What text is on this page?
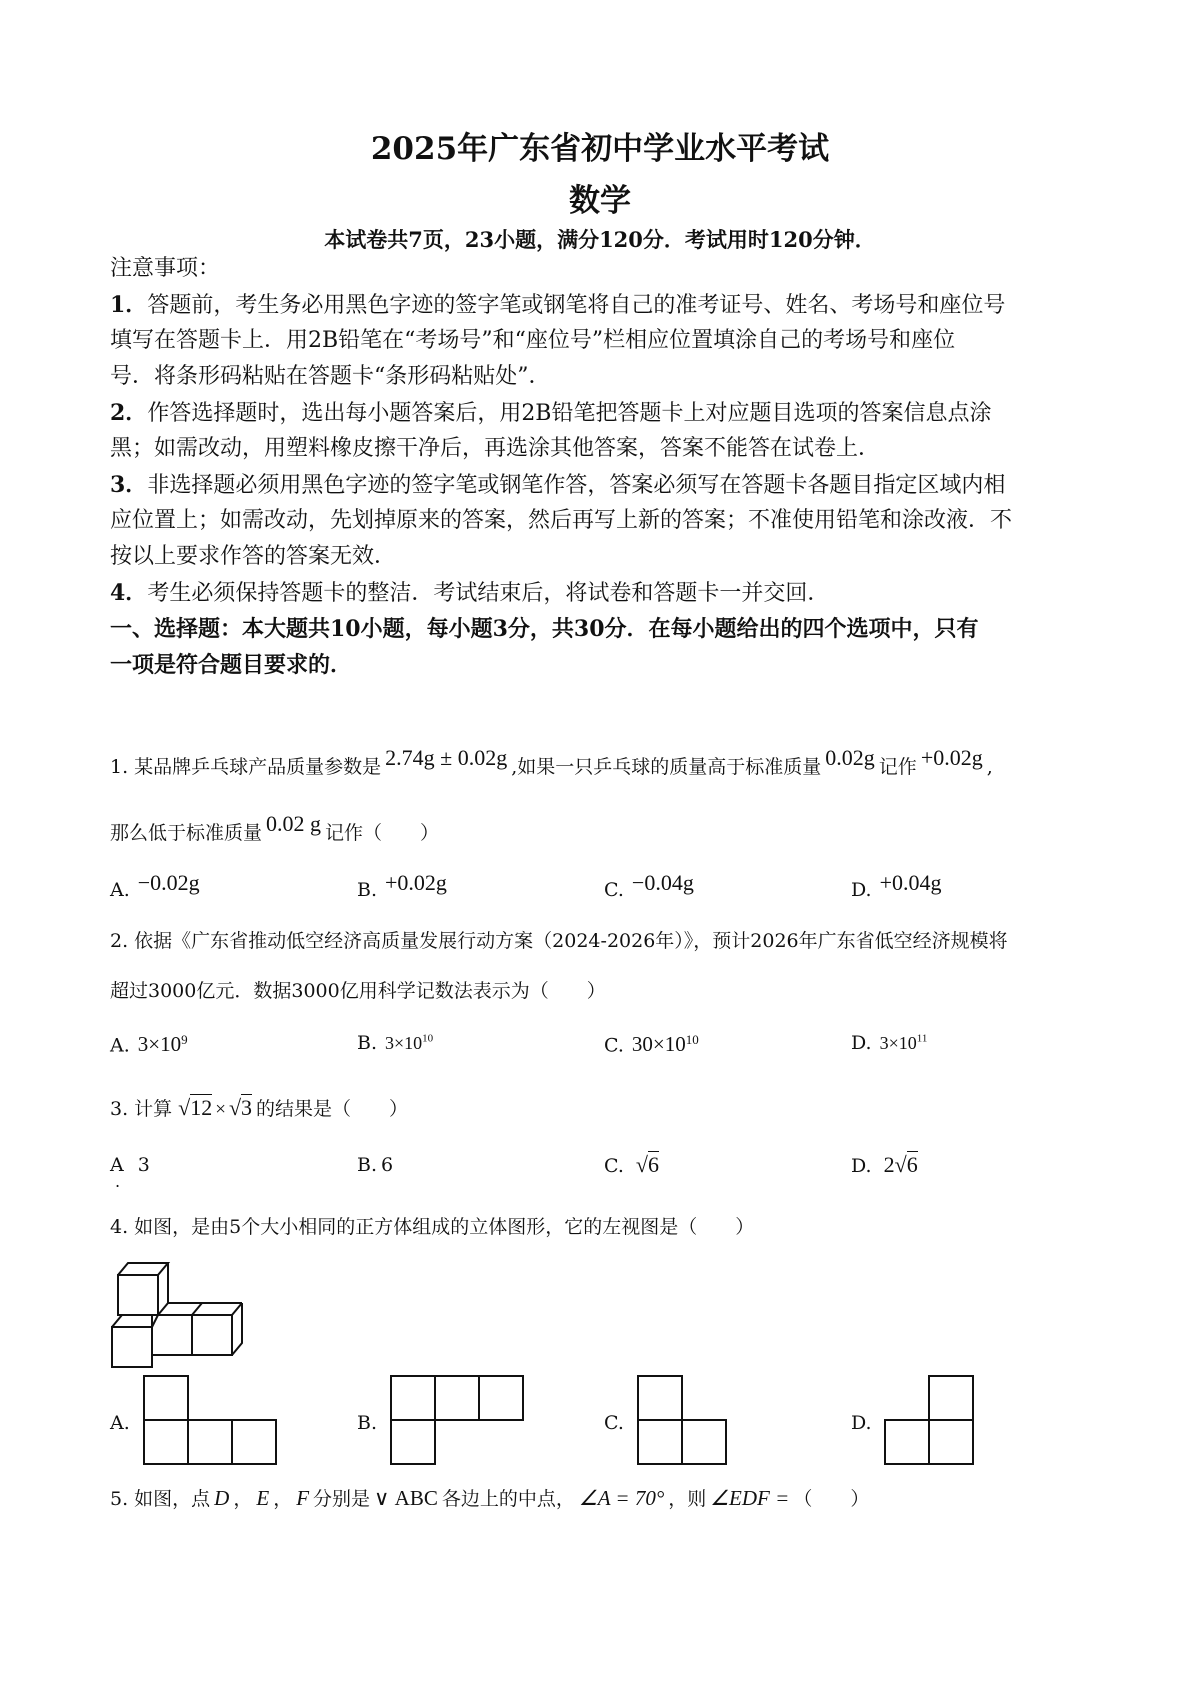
2025年广东省初中学业水平考试
数学
本试卷共7页，23小题，满分120分．考试用时120分钟．
注意事项：
1．答题前，考生务必用黑色字迹的签字笔或钢笔将自己的准考证号、姓名、考场号和座位号
填写在答题卡上．用2B铅笔在“考场号”和“座位号”栏相应位置填涂自己的考场号和座位
号．将条形码粘贴在答题卡“条形码粘贴处”．
2．作答选择题时，选出每小题答案后，用2B铅笔把答题卡上对应题目选项的答案信息点涂
黑；如需改动，用塑料橡皮擦干净后，再选涂其他答案，答案不能答在试卷上．
3．非选择题必须用黑色字迹的签字笔或钢笔作答，答案必须写在答题卡各题目指定区域内相
应位置上；如需改动，先划掉原来的答案，然后再写上新的答案；不准使用铅笔和涂改液．不
按以上要求作答的答案无效．
4．考生必须保持答题卡的整洁．考试结束后，将试卷和答题卡一并交回．
一、选择题：本大题共10小题，每小题3分，共30分．在每小题给出的四个选项中，只有
一项是符合题目要求的．
1. 某品牌乒乓球产品质量参数是 2.74g ± 0.02g ,如果一只乒乓球的质量高于标准质量 0.02g 记作 +0.02g ,
那么低于标准质量 0.02 g 记作（　　）
A. −0.02g	B. +0.02g	C. −0.04g	D. +0.04g
2. 依据《广东省推动低空经济高质量发展行动方案（2024-2026年）》，预计2026年广东省低空经济规模将
超过3000亿元．数据3000亿用科学记数法表示为（　　）
A. $3\times 10^9$	B. $3\times 10^{10}$	C. $30\times 10^{10}$	D. $3\times 10^{11}$
3. 计算 √12 × √3 的结果是（　　）
A 3
.
B. 6	C. √6	D. 2√6
4. 如图，是由5个大小相同的正方体组成的立体图形，它的左视图是（　　）
A.	B.	C.	D.
5. 如图，点 D ， E ， F 分别是 ∨ ABC 各边上的中点， ∠A = 70° ，则 ∠EDF = （　　）
